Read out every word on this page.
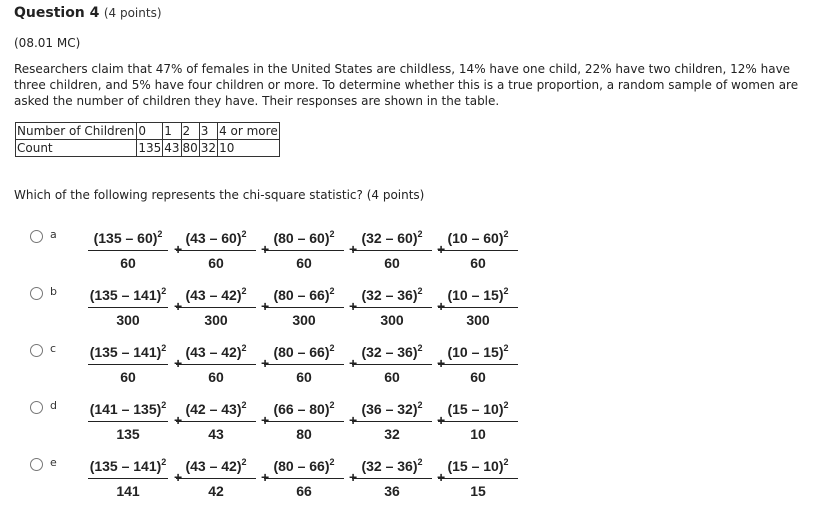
Question 4 (4 points)
(08.01 MC)
Researchers claim that 47% of females in the United States are childless, 14% have one child, 22% have two children, 12% have three children, and 5% have four children or more. To determine whether this is a true proportion, a random sample of women are asked the number of children they have. Their responses are shown in the table.
Number of Children	0	1	2	3	4 or more
Count	135	43	80	32	10
Which of the following represents the chi-square statistic? (4 points)
a $\frac{(135 - 60)^2}{60}$ +
$\frac{(43 - 60)^2}{60}$ +
$\frac{(80 - 60)^2}{60}$ +
$\frac{(32 - 60)^2}{60}$ +
$\frac{(10 - 60)^2}{60}$
b $\frac{(135 - 141)^2}{300}$ +
$\frac{(43 - 42)^2}{300}$ +
$\frac{(80 - 66)^2}{300}$ +
$\frac{(32 - 36)^2}{300}$ +
$\frac{(10 - 15)^2}{300}$
c $\frac{(135 - 141)^2}{60}$ +
$\frac{(43 - 42)^2}{60}$ +
$\frac{(80 - 66)^2}{60}$ +
$\frac{(32 - 36)^2}{60}$ +
$\frac{(10 - 15)^2}{60}$
d $\frac{(141 - 135)^2}{135}$ +
$\frac{(42 - 43)^2}{43}$ +
$\frac{(66 - 80)^2}{80}$ +
$\frac{(36 - 32)^2}{32}$ +
$\frac{(15 - 10)^2}{10}$
e $\frac{(135 - 141)^2}{141}$ +
$\frac{(43 - 42)^2}{42}$ +
$\frac{(80 - 66)^2}{66}$ +
$\frac{(32 - 36)^2}{36}$ +
$\frac{(15 - 10)^2}{15}$
